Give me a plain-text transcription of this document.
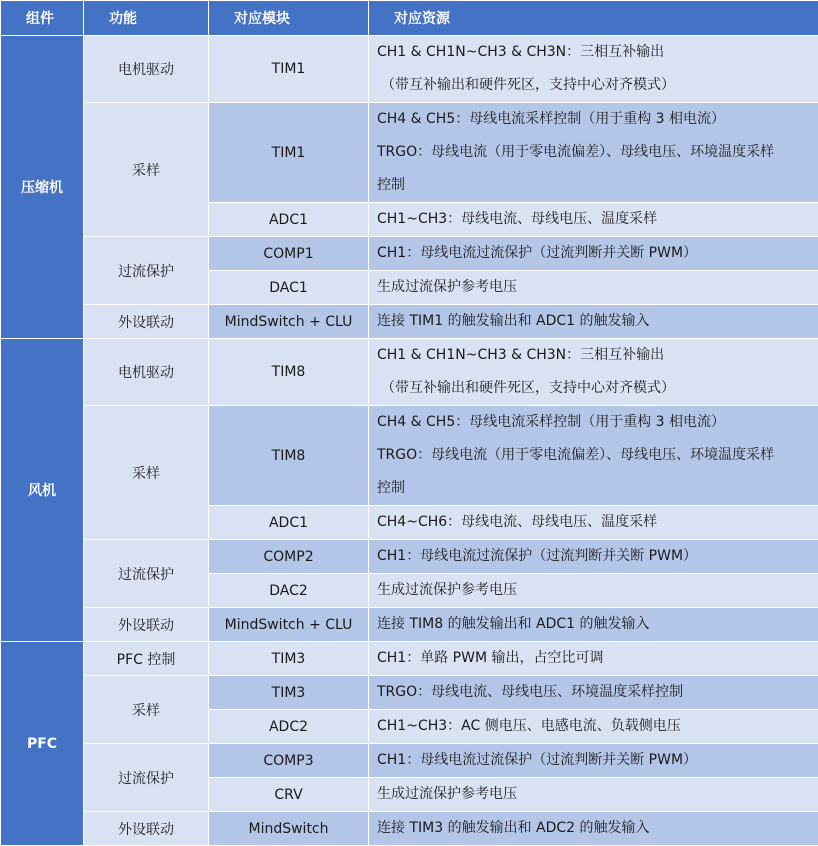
组件	功能	对应模块	对应资源
压缩机	电机驱动	TIM1	CH1 & CH1N~CH3 & CH3N：三相互补输出
（带互补输出和硬件死区，支持中心对齐模式）

	采样	TIM1	CH4 & CH5：母线电流采样控制（用于重构 3 相电流）
TRGO：母线电流（用于零电流偏差）、母线电压、环境温度采样
控制

		ADC1	CH1~CH3：母线电流、母线电压、温度采样

	过流保护	COMP1	CH1：母线电流过流保护（过流判断并关断 PWM）

		DAC1	生成过流保护参考电压

	外设联动	MindSwitch + CLU	连接 TIM1 的触发输出和 ADC1 的触发输入

风机	电机驱动	TIM8	CH1 & CH1N~CH3 & CH3N：三相互补输出
（带互补输出和硬件死区，支持中心对齐模式）

	采样	TIM8	CH4 & CH5：母线电流采样控制（用于重构 3 相电流）
TRGO：母线电流（用于零电流偏差）、母线电压、环境温度采样
控制

		ADC1	CH4~CH6：母线电流、母线电压、温度采样

	过流保护	COMP2	CH1：母线电流过流保护（过流判断并关断 PWM）

		DAC2	生成过流保护参考电压

	外设联动	MindSwitch + CLU	连接 TIM8 的触发输出和 ADC1 的触发输入

PFC	PFC 控制	TIM3	CH1：单路 PWM 输出，占空比可调

	采样	TIM3	TRGO：母线电流、母线电压、环境温度采样控制

		ADC2	CH1~CH3：AC 侧电压、电感电流、负载侧电压

	过流保护	COMP3	CH1：母线电流过流保护（过流判断并关断 PWM）

		CRV	生成过流保护参考电压

	外设联动	MindSwitch	连接 TIM3 的触发输出和 ADC2 的触发输入
